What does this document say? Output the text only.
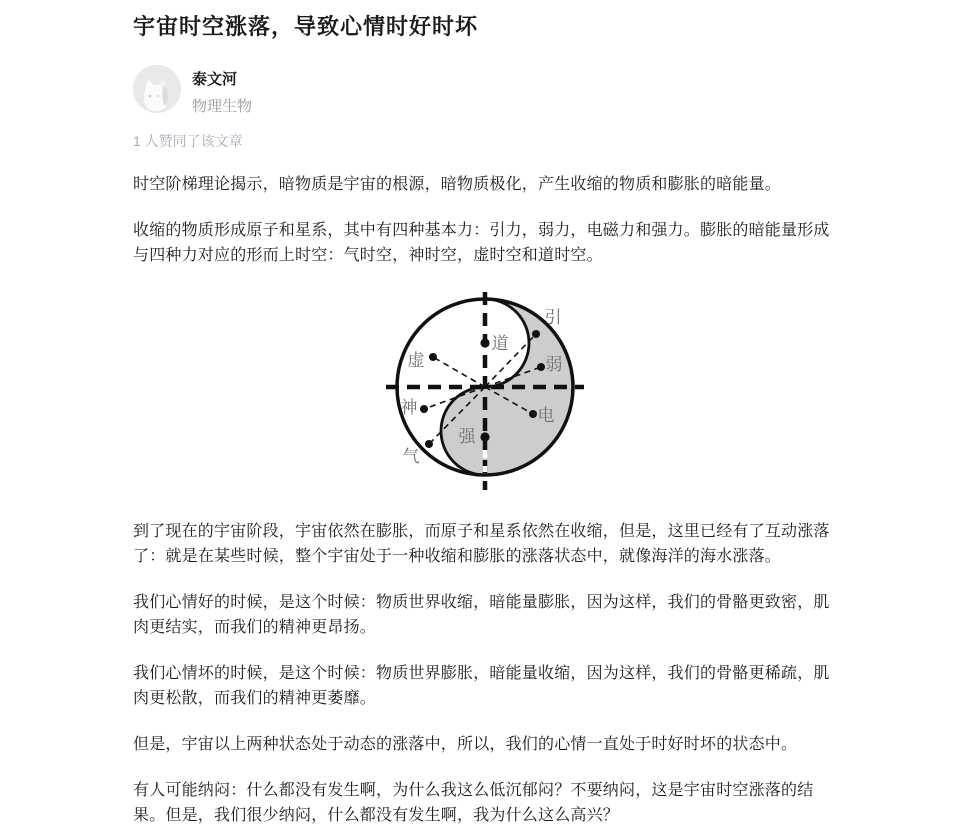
宇宙时空涨落，导致心情时好时坏
泰文河
物理生物
1 人赞同了该文章

时空阶梯理论揭示，暗物质是宇宙的根源，暗物质极化，产生收缩的物质和膨胀的暗能量。

收缩的物质形成原子和星系，其中有四种基本力：引力，弱力，电磁力和强力。膨胀的暗能量形成与四种力对应的形而上时空：气时空，神时空，虚时空和道时空。

道
强
引
弱
电
虚
神
气

到了现在的宇宙阶段，宇宙依然在膨胀，而原子和星系依然在收缩，但是，这里已经有了互动涨落了：就是在某些时候，整个宇宙处于一种收缩和膨胀的涨落状态中，就像海洋的海水涨落。

我们心情好的时候，是这个时候：物质世界收缩，暗能量膨胀，因为这样，我们的骨骼更致密，肌肉更结实，而我们的精神更昂扬。

我们心情坏的时候，是这个时候：物质世界膨胀，暗能量收缩，因为这样，我们的骨骼更稀疏，肌肉更松散，而我们的精神更萎靡。

但是，宇宙以上两种状态处于动态的涨落中，所以，我们的心情一直处于时好时坏的状态中。

有人可能纳闷：什么都没有发生啊，为什么我这么低沉郁闷？不要纳闷，这是宇宙时空涨落的结果。但是，我们很少纳闷，什么都没有发生啊，我为什么这么高兴？
